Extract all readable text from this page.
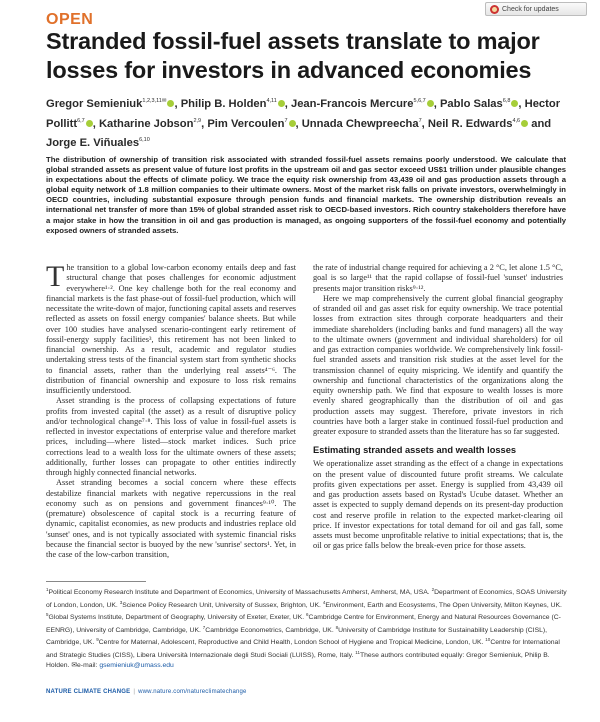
OPEN
Check for updates
Stranded fossil-fuel assets translate to major losses for investors in advanced economies
Gregor Semieniuk$^{1,2,3,11✉}$ , Philip B. Holden$^{4,11}$ , Jean-Francois Mercure$^{5,6,7}$ , Pablo Salas$^{6,8}$ , Hector Pollitt$^{6,7}$ , Katharine Jobson$^{2,9}$, Pim Vercoulen$^7$ , Unnada Chewpreecha$^7$, Neil R. Edwards$^{4,6}$ and Jorge E. Viñuales$^{6,10}$

The distribution of ownership of transition risk associated with stranded fossil-fuel assets remains poorly understood. We calculate that global stranded assets as present value of future lost profits in the upstream oil and gas sector exceed US$1 trillion under plausible changes in expectations about the effects of climate policy. We trace the equity risk ownership from 43,439 oil and gas production assets through a global equity network of 1.8 million companies to their ultimate owners. Most of the market risk falls on private investors, overwhelmingly in OECD countries, including substantial exposure through pension funds and financial markets. The ownership distribution reveals an international net transfer of more than 15% of global stranded asset risk to OECD-based investors. Rich country stakeholders therefore have a major stake in how the transition in oil and gas production is managed, as ongoing supporters of the fossil-fuel economy and potentially exposed owners of stranded assets.

The transition to a global low-carbon economy entails deep and fast structural change that poses challenges for economic adjustment everywhere¹·². One key challenge both for the real economy and financial markets is the fast phase-out of fossil-fuel production, which will necessitate the write-down of major, functioning capital assets and reserves reflected as assets on fossil energy companies' balance sheets. But while over 100 studies have analysed scenario-contingent early retirement of fossil-energy supply facilities³, this retirement has not been linked to financial ownership. As a result, academic and regulator studies undertaking stress tests of the financial system start from synthetic shocks to financial assets, rather than the underlying real assets⁴⁻⁶. The distribution of financial ownership and exposure to loss risk remains insufficiently understood.

Asset stranding is the process of collapsing expectations of future profits from invested capital (the asset) as a result of disruptive policy and/or technological change⁷·⁸. This loss of value in fossil-fuel assets is reflected in investor expectations of enterprise value and therefore market prices, including—where listed—stock market indices. Such price corrections lead to a wealth loss for the ultimate owners of these assets; additionally, further losses can propagate to other entities indirectly through highly connected financial networks.

Asset stranding becomes a social concern where these effects destabilize financial markets with negative repercussions in the real economy such as on pensions and government finances⁹·¹⁰. The (premature) obsolescence of capital stock is a recurring feature of dynamic, capitalist economies, as new products and industries replace old 'sunset' ones, and is not typically associated with systemic financial risks because the financial sector is buoyed by the new 'sunrise' sectors¹. Yet, in the case of the low-carbon transition,

the rate of industrial change required for achieving a 2 °C, let alone 1.5 °C, goal is so large¹¹ that the rapid collapse of fossil-fuel 'sunset' industries presents major transition risks⁹·¹².

Here we map comprehensively the current global financial geography of stranded oil and gas asset risk for equity ownership. We trace potential losses from extraction sites through corporate headquarters and their immediate shareholders (including banks and fund managers) all the way to the ultimate owners (government and individual shareholders) for oil and gas extraction companies worldwide. We comprehensively link fossil-fuel stranded assets and transition risk studies at the asset level for the transmission channel of equity mispricing. We identify and quantify the ownership and functional characteristics of the organizations along the equity ownership path. We find that exposure to wealth losses is more evenly shared geographically than the distribution of oil and gas production assets may suggest. Therefore, private investors in rich countries have both a larger stake in continued fossil-fuel production and greater exposure to stranded assets than the literature has so far suggested.

Estimating stranded assets and wealth losses

We operationalize asset stranding as the effect of a change in expectations on the present value of discounted future profit streams. We calculate profits given expectations per asset. Energy is supplied from 43,439 oil and gas production assets based on Rystad's Ucube dataset. Whether an asset is expected to supply demand depends on its present-day production cost and reserve profile in relation to the expected market-clearing oil price. If investor expectations for total demand for oil and gas fall, some assets must become unprofitable relative to initial expectations; that is, the oil or gas price falls below the break-even price for those assets.

$^1$Political Economy Research Institute and Department of Economics, University of Massachusetts Amherst, Amherst, MA, USA. $^2$Department of Economics, SOAS University of London, London, UK. $^3$Science Policy Research Unit, University of Sussex, Brighton, UK. $^4$Environment, Earth and Ecosystems, The Open University, Milton Keynes, UK. $^5$Global Systems Institute, Department of Geography, University of Exeter, Exeter, UK. $^6$Cambridge Centre for Environment, Energy and Natural Resources Governance (C-EENRG), University of Cambridge, Cambridge, UK. $^7$Cambridge Econometrics, Cambridge, UK. $^8$University of Cambridge Institute for Sustainability Leadership (CISL), Cambridge, UK. $^9$Centre for Maternal, Adolescent, Reproductive and Child Health, London School of Hygiene and Tropical Medicine, London, UK. $^{10}$Centre for International and Strategic Studies (CISS), Libera Università Internazionale degli Studi Sociali (LUISS), Rome, Italy. $^{11}$These authors contributed equally: Gregor Semieniuk, Philip B. Holden. ✉e-mail: gsemieniuk@umass.edu
NATURE CLIMATE CHANGE | www.nature.com/natureclimatechange
